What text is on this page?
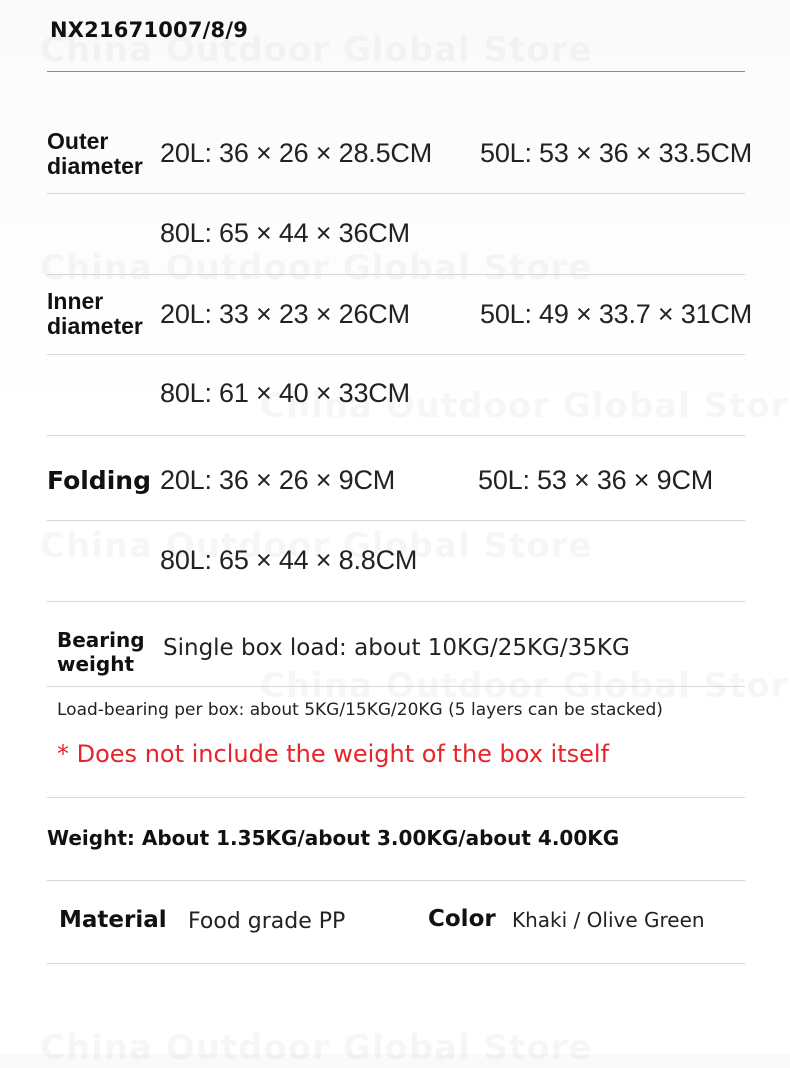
NX21671007/8/9
Outer
diameter 20L: 36 × 26 × 28.5CM 50L: 53 × 36 × 33.5CM
80L: 65 × 44 × 36CM
Inner
diameter 20L: 33 × 23 × 26CM	50L: 49 × 33.7 × 31CM
80L: 61 × 40 × 33CM
Folding 20L: 36 × 26 × 9CM	50L: 53 × 36 × 9CM
80L: 65 × 44 × 8.8CM
Bearing
weight
Single box load: about 10KG/25KG/35KG
Load-bearing per box: about 5KG/15KG/20KG (5 layers can be stacked)
* Does not include the weight of the box itself
Weight: About 1.35KG/about 3.00KG/about 4.00KG
Material Food grade PP	Color Khaki / Olive Green
